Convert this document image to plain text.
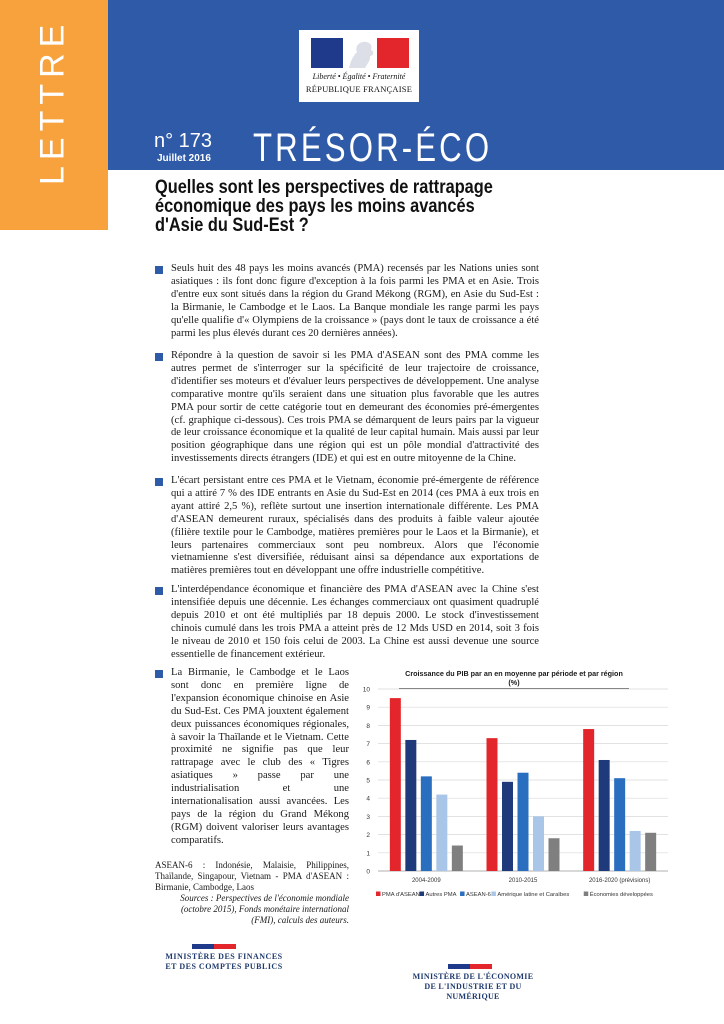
LETTRE	Liberté • Égalité • Fraternité
RÉPUBLIQUE FRANÇAISE
n° 173
Juillet 2016 TRÉSOR-ÉCO
Quelles sont les perspectives de rattrapage économique des pays les moins avancés d'Asie du Sud-Est ?
Seuls huit des 48 pays les moins avancés (PMA) recensés par les Nations unies sont asiatiques : ils font donc figure d'exception à la fois parmi les PMA et en Asie. Trois d'entre eux sont situés dans la région du Grand Mékong (RGM), en Asie du Sud-Est : la Birmanie, le Cambodge et le Laos. La Banque mondiale les range parmi les pays qu'elle qualifie d'« Olympiens de la croissance » (pays dont le taux de croissance a été parmi les plus élevés durant ces 20 dernières années).
Répondre à la question de savoir si les PMA d'ASEAN sont des PMA comme les autres permet de s'interroger sur la spécificité de leur trajectoire de croissance, d'identifier ses moteurs et d'évaluer leurs perspectives de développement. Une analyse comparative montre qu'ils seraient dans une situation plus favorable que les autres PMA pour sortir de cette catégorie tout en demeurant des économies pré-émergentes (cf. graphique ci-dessous). Ces trois PMA se démarquent de leurs pairs par la vigueur de leur croissance économique et la qualité de leur capital humain. Mais aussi par leur position géographique dans une région qui est un pôle mondial d'attractivité des investissements directs étrangers (IDE) et qui est en outre mitoyenne de la Chine.
L'écart persistant entre ces PMA et le Vietnam, économie pré-émergente de référence qui a attiré 7 % des IDE entrants en Asie du Sud-Est en 2014 (ces PMA à eux trois en ayant attiré 2,5 %), reflète surtout une insertion internationale différente. Les PMA d'ASEAN demeurent ruraux, spécialisés dans des produits à faible valeur ajoutée (filière textile pour le Cambodge, matières premières pour le Laos et la Birmanie), et leurs partenaires commerciaux sont peu nombreux. Alors que l'économie vietnamienne s'est diversifiée, réduisant ainsi sa dépendance aux exportations de matières premières tout en développant une offre industrielle compétitive.
L'interdépendance économique et financière des PMA d'ASEAN avec la Chine s'est intensifiée depuis une décennie. Les échanges commerciaux ont quasiment quadruplé depuis 2010 et ont été multipliés par 18 depuis 2000. Le stock d'investissement chinois cumulé dans les trois PMA a atteint près de 12 Mds USD en 2014, soit 3 fois le niveau de 2010 et 150 fois celui de 2003. La Chine est aussi devenue une source essentielle de financement extérieur.
La Birmanie, le Cambodge et le Laos sont donc en première ligne de l'expansion économique chinoise en Asie du Sud-Est. Ces PMA jouxtent également deux puissances économiques régionales, à savoir la Thaïlande et le Vietnam. Cette proximité ne signifie pas que leur rattrapage avec le club des « Tigres asiatiques » passe par une industrialisation et une internationalisation aussi avancées. Les pays de la région du Grand Mékong (RGM) doivent valoriser leurs avantages comparatifs.
Croissance du PIB par an en moyenne par période et par région (%)
0
1
2
3
4
5
6
7
8
9
10
2004-2009	2010-2015	2016-2020 (prévisions)
PMA d'ASEAN Autres PMA ASEAN-6 Amérique latine et Caraïbes	Économies développées
ASEAN-6 : Indonésie, Malaisie, Philippines, Thaïlande, Singapour, Vietnam - PMA d'ASEAN : Birmanie, Cambodge, Laos
Sources : Perspectives de l'économie mondiale (octobre 2015), Fonds monétaire international (FMI), calculs des auteurs.
MINISTÈRE DES FINANCES ET DES COMPTES PUBLICS
MINISTÈRE DE L'ÉCONOMIE DE L'INDUSTRIE ET DU NUMÉRIQUE
